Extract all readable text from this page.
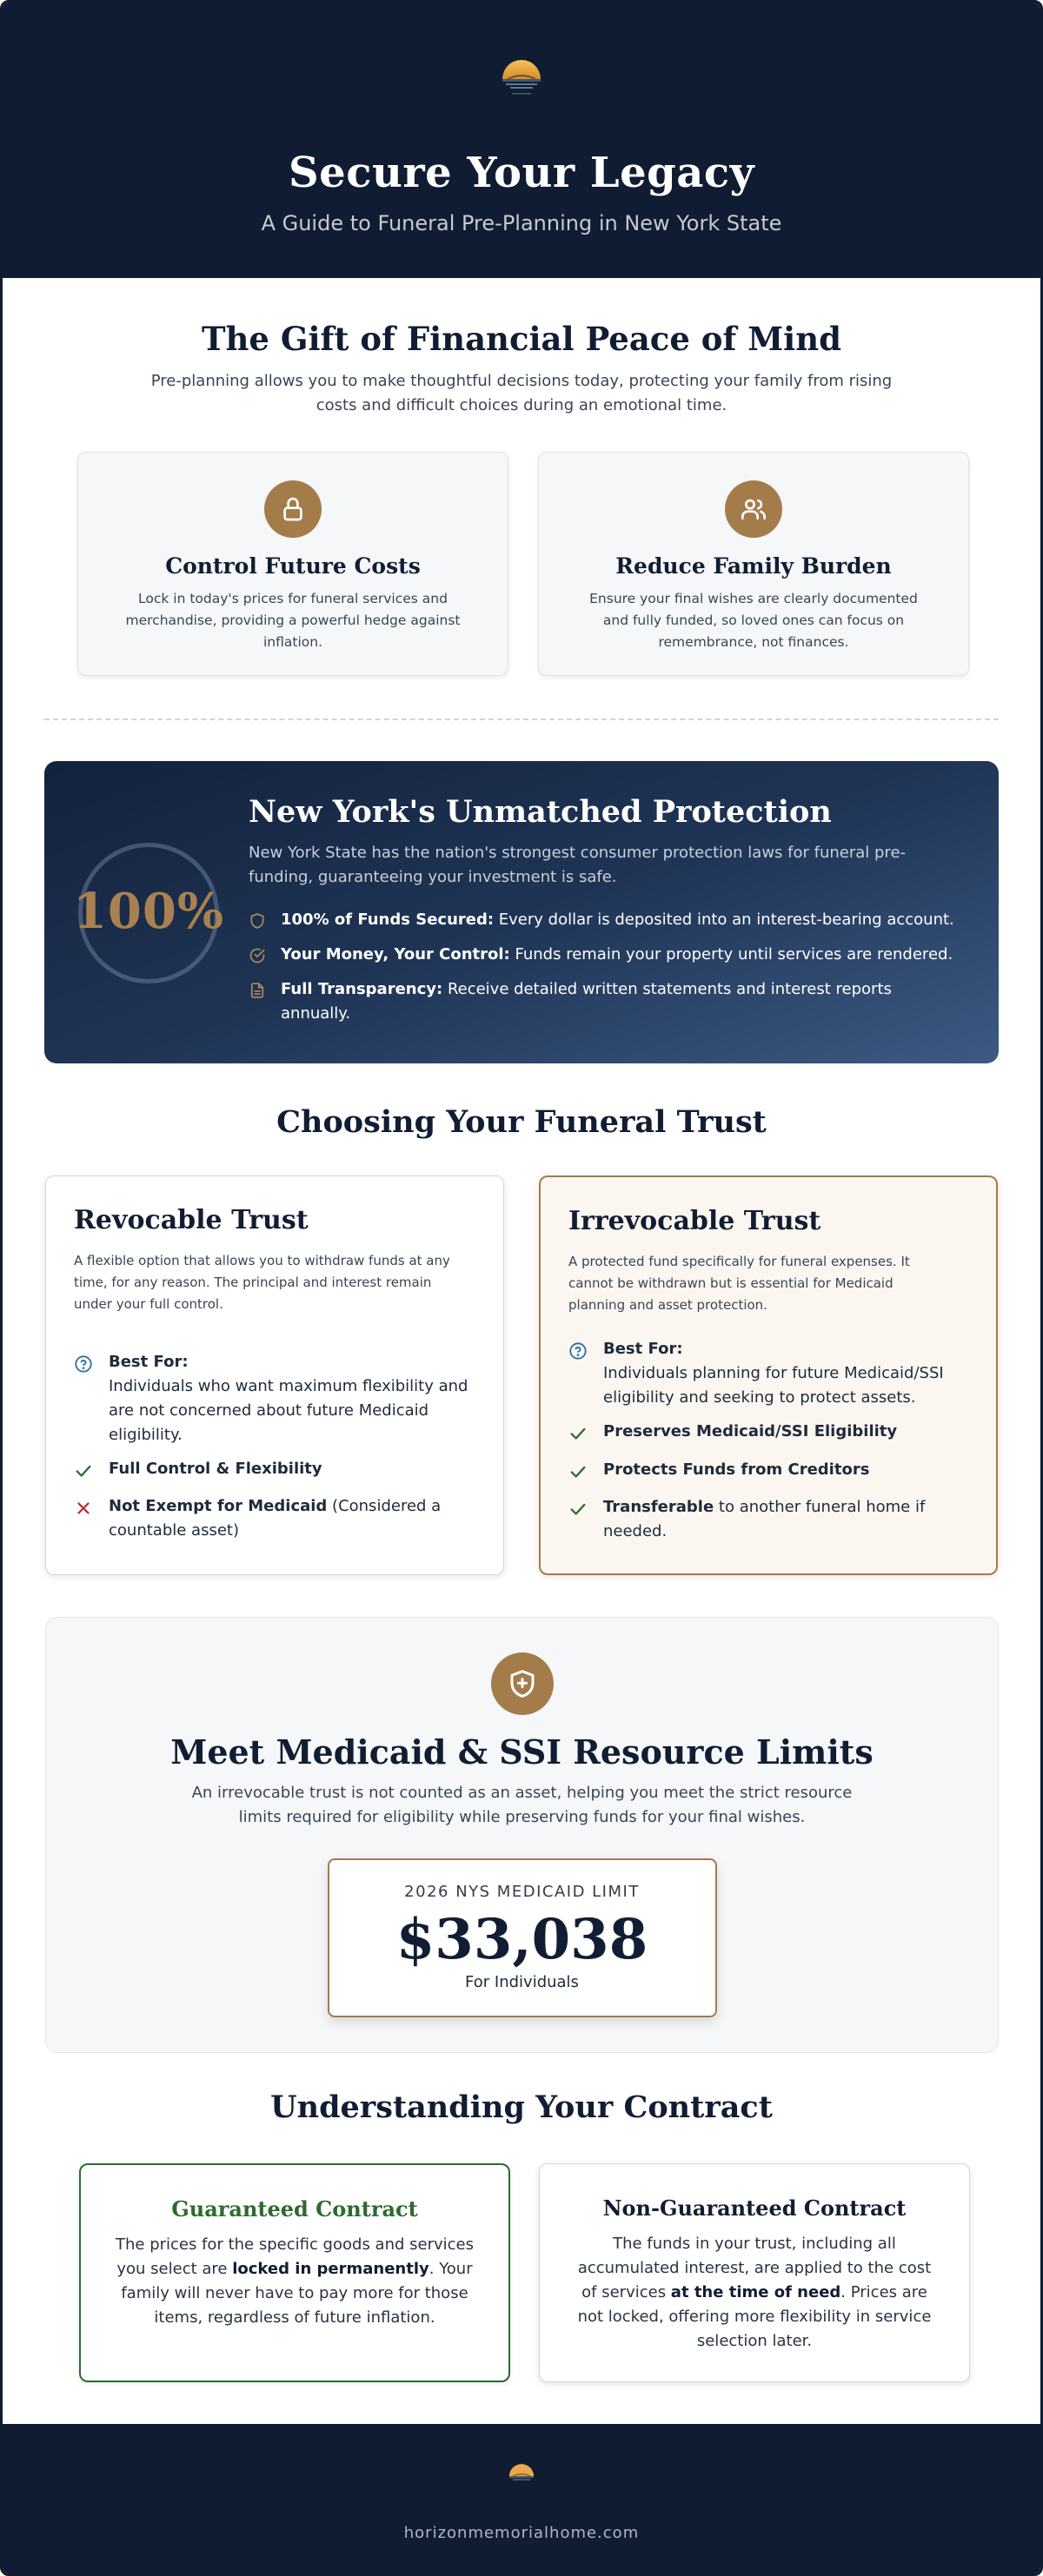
Secure Your Legacy
A Guide to Funeral Pre-Planning in New York State
The Gift of Financial Peace of Mind

Pre-planning allows you to make thoughtful decisions today, protecting your family from rising costs and difficult choices during an emotional time.

Control Future Costs

Lock in today's prices for funeral services and merchandise, providing a powerful hedge against inflation.

Reduce Family Burden

Ensure your final wishes are clearly documented and fully funded, so loved ones can focus on remembrance, not finances.

100%
New York's Unmatched Protection

New York State has the nation's strongest consumer protection laws for funeral pre-funding, guaranteeing your investment is safe.

100% of Funds Secured: Every dollar is deposited into an interest-bearing account.
Your Money, Your Control: Funds remain your property until services are rendered.
Full Transparency: Receive detailed written statements and interest reports annually.
Choosing Your Funeral Trust
Revocable Trust

A flexible option that allows you to withdraw funds at any time, for any reason. The principal and interest remain under your full control.

Best For:
Individuals who want maximum flexibility and are not concerned about future Medicaid eligibility.
Full Control & Flexibility
Not Exempt for Medicaid (Considered a countable asset)
Irrevocable Trust

A protected fund specifically for funeral expenses. It cannot be withdrawn but is essential for Medicaid planning and asset protection.

Best For:
Individuals planning for future Medicaid/SSI eligibility and seeking to protect assets.
Preserves Medicaid/SSI Eligibility
Protects Funds from Creditors
Transferable to another funeral home if needed.
Meet Medicaid & SSI Resource Limits

An irrevocable trust is not counted as an asset, helping you meet the strict resource limits required for eligibility while preserving funds for your final wishes.

2026 NYS MEDICAID LIMIT
$33,038
For Individuals
Understanding Your Contract
Guaranteed Contract

The prices for the specific goods and services you select are locked in permanently. Your family will never have to pay more for those items, regardless of future inflation.

Non-Guaranteed Contract

The funds in your trust, including all accumulated interest, are applied to the cost of services at the time of need. Prices are not locked, offering more flexibility in service selection later.

horizonmemorialhome.com
